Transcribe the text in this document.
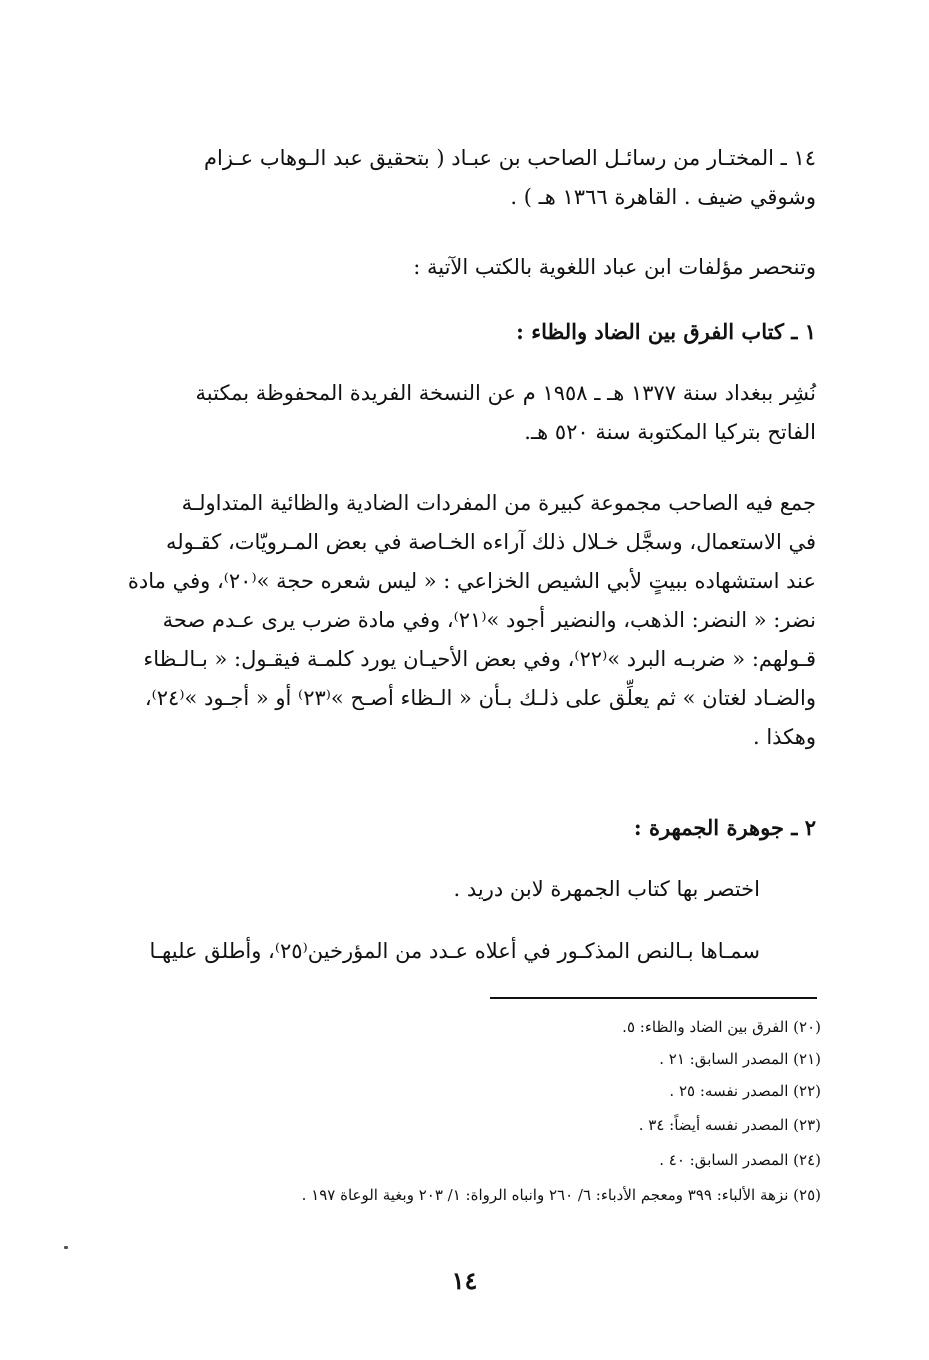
١٤ ـ المختـار من رسائـل الصاحب بن عبـاد ( بتحقيق عبد الـوهاب عـزام
وشوقي ضيف . القاهرة ١٣٦٦ هـ ) .
وتنحصر مؤلفات ابن عباد اللغوية بالكتب الآتية :
١ ـ كتاب الفرق بين الضاد والظاء :
نُشِر ببغداد سنة ١٣٧٧ هـ ـ ١٩٥٨ م عن النسخة الفريدة المحفوظة بمكتبة
الفاتح بتركيا المكتوبة سنة ٥٢٠ هـ.
جمع فيه الصاحب مجموعة كبيرة من المفردات الضادية والظائية المتداولـة
في الاستعمال، وسجَّل خـلال ذلك آراءه الخـاصة في بعض المـرويّات، كقـوله
عند استشهاده ببيتٍ لأبي الشيص الخزاعي : « ليس شعره حجة »⁽٢٠⁾، وفي مادة
نضر: « النضر: الذهب، والنضير أجود »⁽٢١⁾، وفي مادة ضرب يرى عـدم صحة
قـولهم: « ضربـه البرد »⁽٢٢⁾، وفي بعض الأحيـان يورد كلمـة فيقـول: « بـالـظاء
والضـاد لغتان » ثم يعلِّق على ذلـك بـأن « الـظاء أصـح »⁽٢٣⁾ أو « أجـود »⁽٢٤⁾،
وهكذا .
٢ ـ جوهرة الجمهرة :
اختصر بها كتاب الجمهرة لابن دريد .
سمـاها بـالنص المذكـور في أعلاه عـدد من المؤرخين⁽٢٥⁾، وأطلق عليهـا
(٢٠) الفرق بين الضاد والظاء: ٥.
(٢١) المصدر السابق: ٢١ .
(٢٢) المصدر نفسه: ٢٥ .
(٢٣) المصدر نفسه أيضاً: ٣٤ .
(٢٤) المصدر السابق: ٤٠ .
(٢٥) نزهة الألباء: ٣٩٩ ومعجم الأدباء: ٦/ ٢٦٠ وانباه الرواة: ١/ ٢٠٣ وبغية الوعاة ١٩٧ .
١٤
